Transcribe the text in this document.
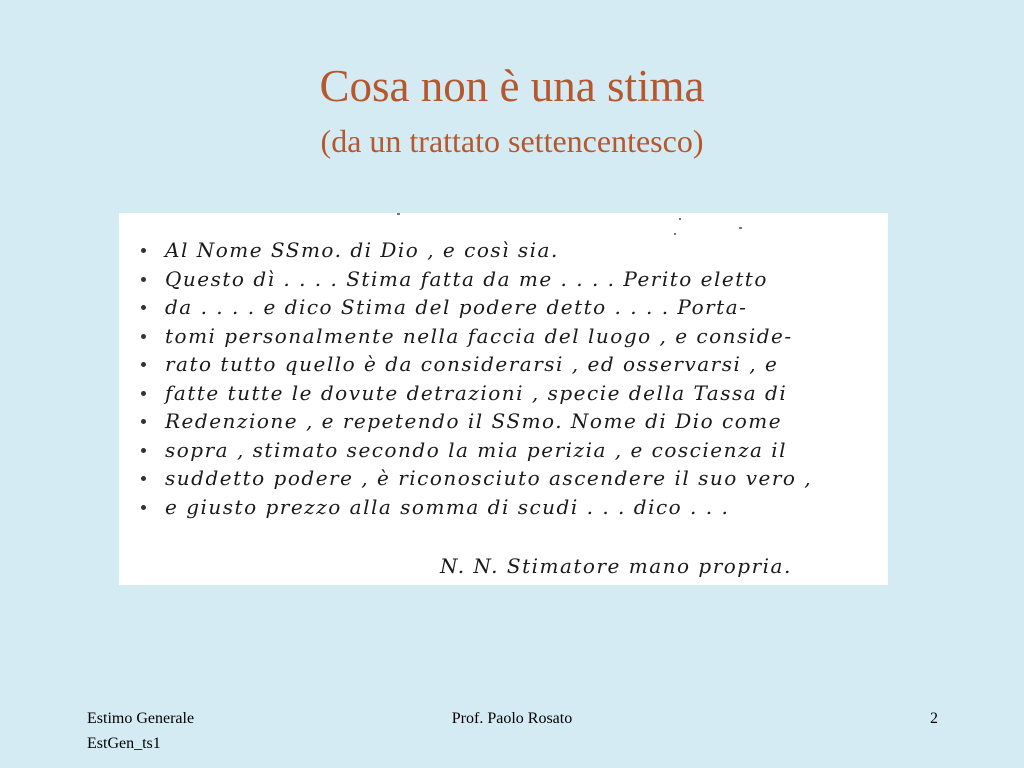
Cosa non è una stima
(da un trattato settencentesco)
Al Nome SSmo. di Dio , e così sia.
Questo dì . . . . Stima fatta da me . . . . Perito eletto
da . . . . e dico Stima del podere detto . . . . Porta-
tomi personalmente nella faccia del luogo , e conside-
rato tutto quello è da considerarsi , ed osservarsi , e
fatte tutte le dovute detrazioni , specie della Tassa di
Redenzione , e repetendo il SSmo. Nome di Dio come
sopra , stimato secondo la mia perizia , e coscienza il
suddetto podere , è riconosciuto ascendere il suo vero ,
e giusto prezzo alla somma di scudi . . . dico . . .
N. N. Stimatore mano propria.
Estimo Generale
EstGen_ts1
Prof. Paolo Rosato	2
